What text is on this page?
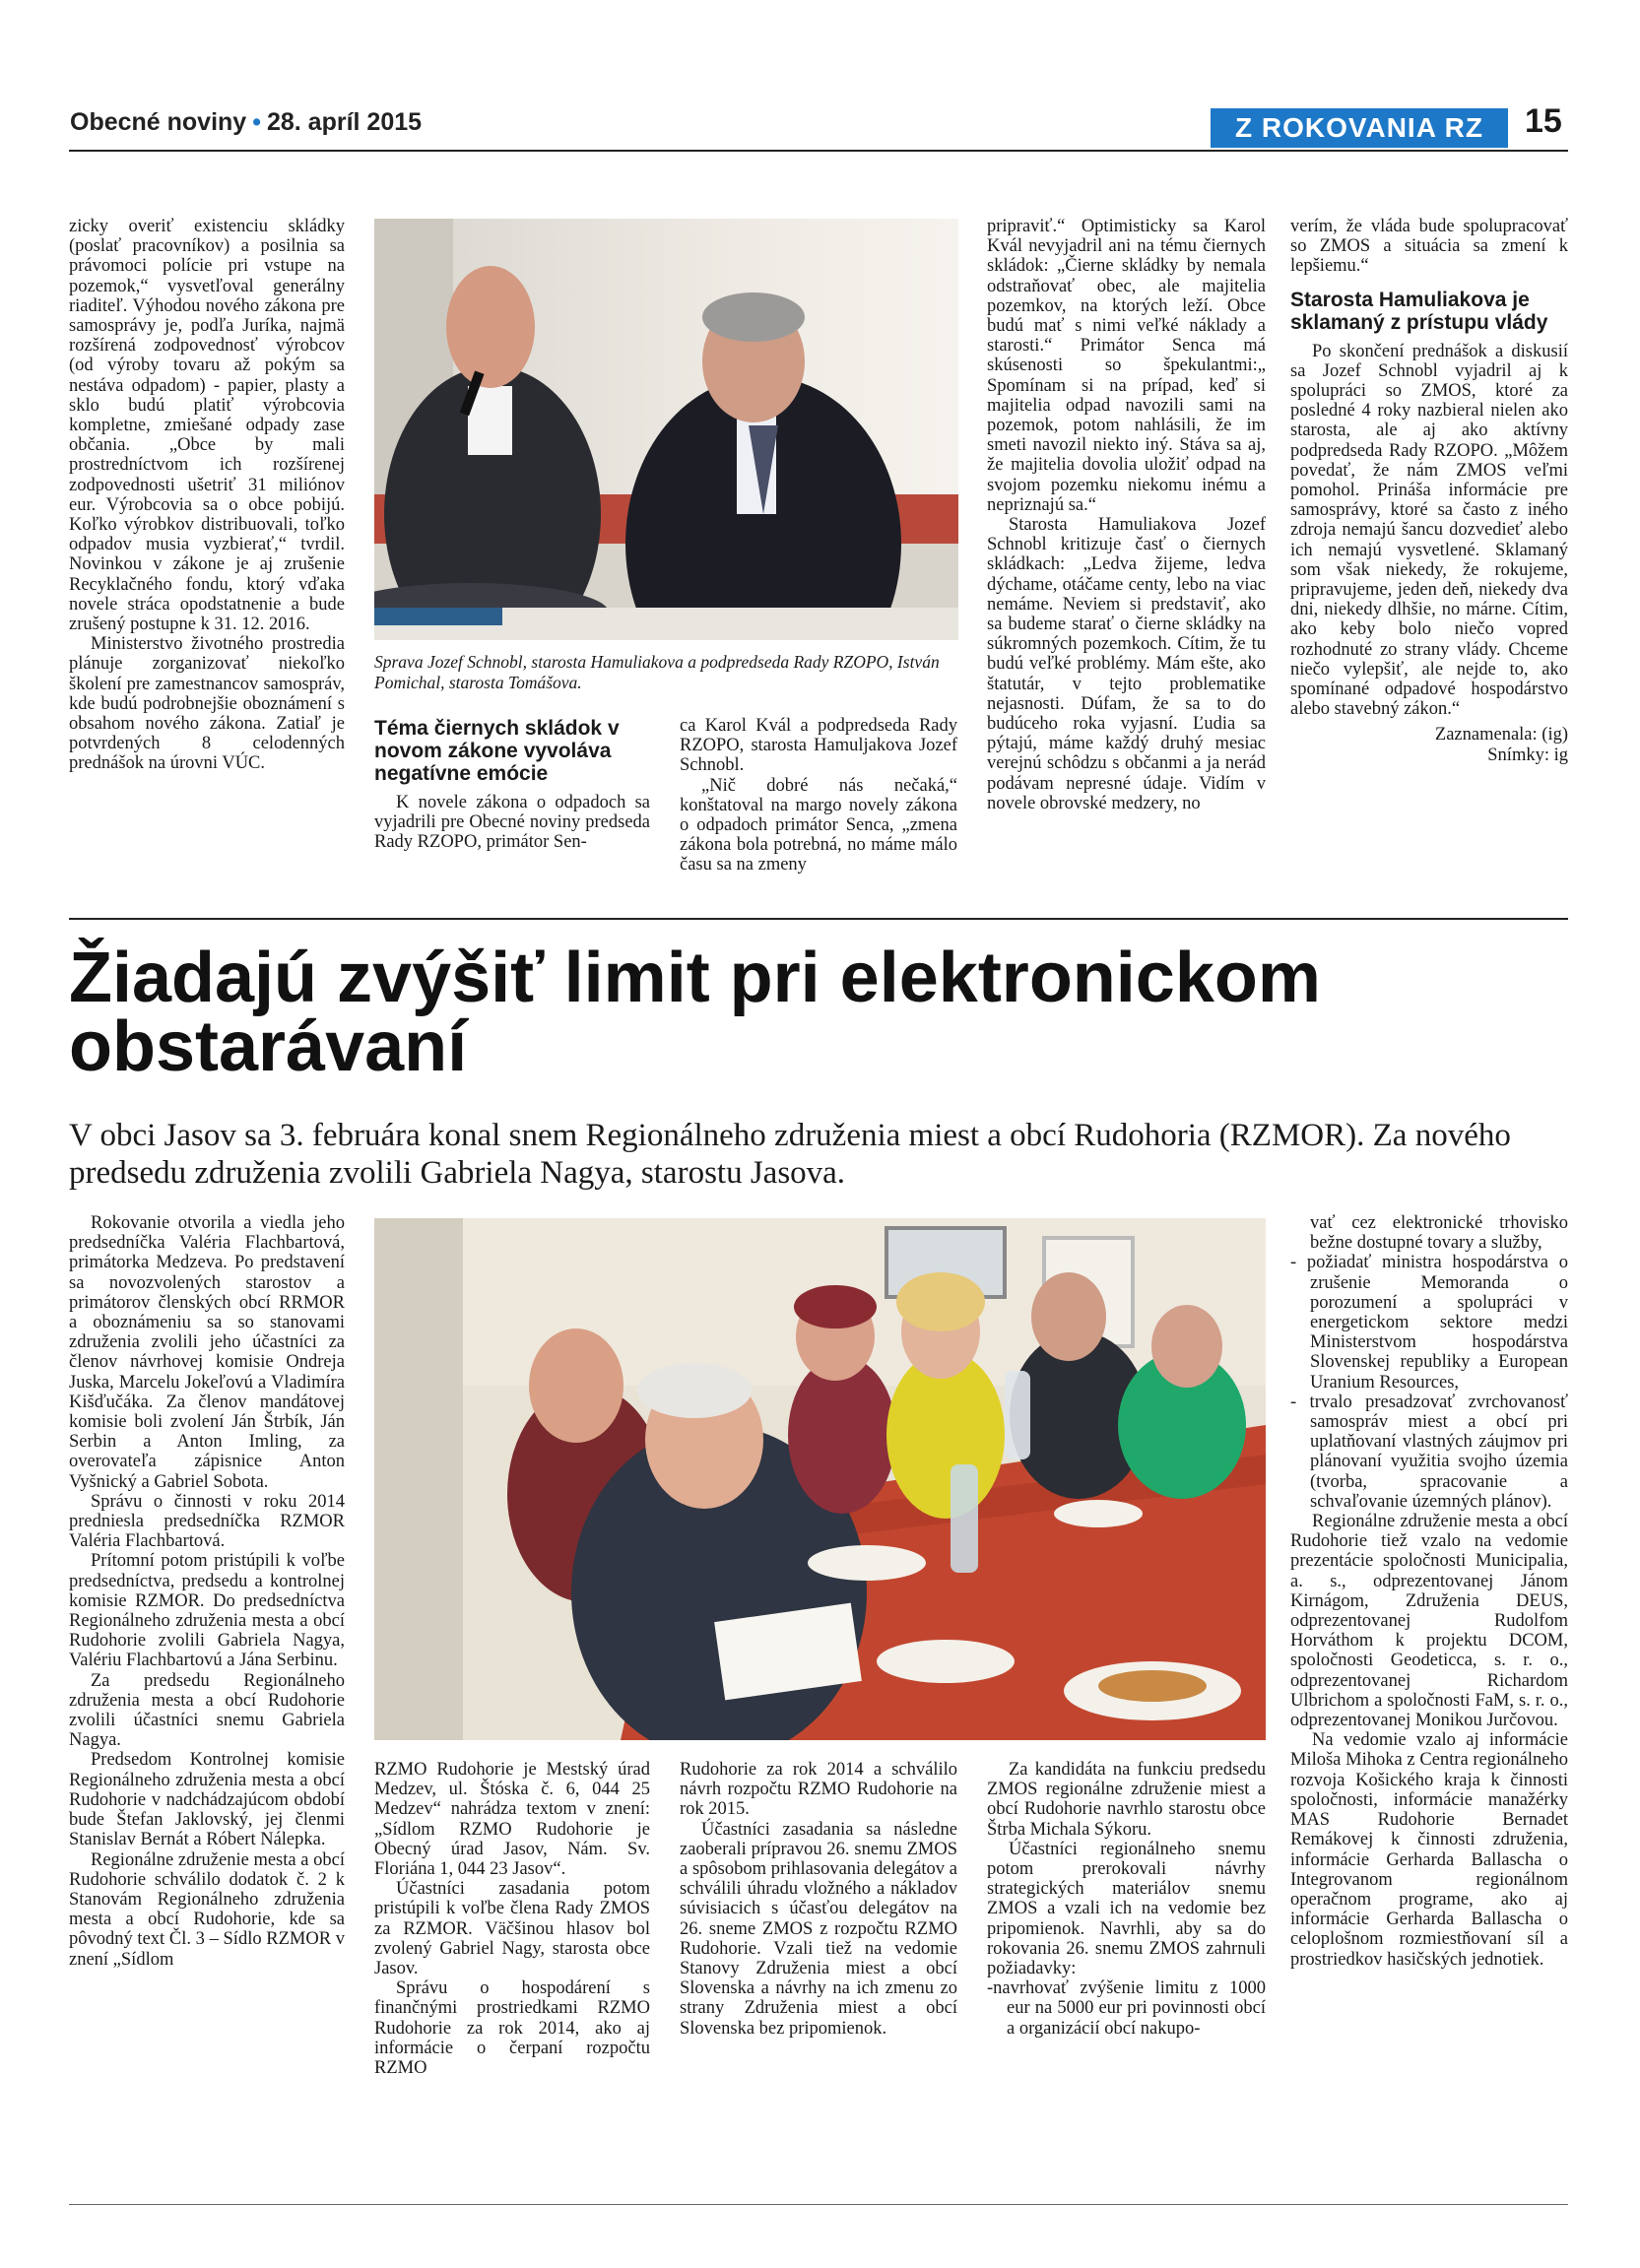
Obecné noviny • 28. apríl 2015	Z ROKOVANIA RZ	15

zicky overiť existenciu skládky (poslať pracovníkov) a posilnia sa právomoci polície pri vstupe na pozemok,“ vysvetľoval generálny riaditeľ. Výhodou nového zákona pre samosprávy je, podľa Juríka, najmä rozšírená zodpovednosť výrobcov (od výroby tovaru až pokým sa nestáva odpadom) - papier, plasty a sklo budú platiť výrobcovia kompletne, zmiešané odpady zase občania. „Obce by mali prostredníctvom ich rozšírenej zodpovednosti ušetriť 31 miliónov eur. Výrobcovia sa o obce pobijú. Koľko výrobkov distribuovali, toľko odpadov musia vyzbierať,“ tvrdil. Novinkou v zákone je aj zrušenie Recyklačného fondu, ktorý vďaka novele stráca opodstatnenie a bude zrušený postupne k 31. 12. 2016.

Ministerstvo životného prostredia plánuje zorganizovať niekoľko školení pre zamestnancov samospráv, kde budú podrobnejšie oboznámení s obsahom nového zákona. Zatiaľ je potvrdených 8 celodenných prednášok na úrovni VÚC.

Sprava Jozef Schnobl, starosta Hamuliakova a podpredseda Rady RZOPO, István Pomichal, starosta Tomášova.
Téma čiernych skládok v novom zákone vyvoláva negatívne emócie

K novele zákona o odpadoch sa vyjadrili pre Obecné noviny predseda Rady RZOPO, primátor Sen-

ca Karol Kvál a podpredseda Rady RZOPO, starosta Hamuljakova Jozef Schnobl.

„Nič dobré nás nečaká,“ konštatoval na margo novely zákona o odpadoch primátor Senca, „zmena zákona bola potrebná, no máme málo času sa na zmeny

pripraviť.“ Optimisticky sa Karol Kvál nevyjadril ani na tému čiernych skládok: „Čierne skládky by nemala odstraňovať obec, ale majitelia pozemkov, na ktorých leží. Obce budú mať s nimi veľké náklady a starosti.“ Primátor Senca má skúsenosti so špekulantmi:„ Spomínam si na prípad, keď si majitelia odpad navozili sami na pozemok, potom nahlásili, že im smeti navozil niekto iný. Stáva sa aj, že majitelia dovolia uložiť odpad na svojom pozemku niekomu inému a nepriznajú sa.“

Starosta Hamuliakova Jozef Schnobl kritizuje časť o čiernych skládkach: „Ledva žijeme, ledva dýchame, otáčame centy, lebo na viac nemáme. Neviem si predstaviť, ako sa budeme starať o čierne skládky na súkromných pozemkoch. Cítim, že tu budú veľké problémy. Mám ešte, ako štatutár, v tejto problematike nejasnosti. Dúfam, že sa to do budúceho roka vyjasní. Ľudia sa pýtajú, máme každý druhý mesiac verejnú schôdzu s občanmi a ja nerád podávam nepresné údaje. Vidím v novele obrovské medzery, no

verím, že vláda bude spolupracovať so ZMOS a situácia sa zmení k lepšiemu.“

Starosta Hamuliakova je sklamaný z prístupu vlády

Po skončení prednášok a diskusií sa Jozef Schnobl vyjadril aj k spolupráci so ZMOS, ktoré za posledné 4 roky nazbieral nielen ako starosta, ale aj ako aktívny podpredseda Rady RZOPO. „Môžem povedať, že nám ZMOS veľmi pomohol. Prináša informácie pre samosprávy, ktoré sa často z iného zdroja nemajú šancu dozvedieť alebo ich nemajú vysvetlené. Sklamaný som však niekedy, že rokujeme, pripravujeme, jeden deň, niekedy dva dni, niekedy dlhšie, no márne. Cítim, ako keby bolo niečo vopred rozhodnuté zo strany vlády. Chceme niečo vylepšiť, ale nejde to, ako spomínané odpadové hospodárstvo alebo stavebný zákon.“

Zaznamenala: (ig)
Snímky: ig
Žiadajú zvýšiť limit pri elektronickom obstarávaní
V obci Jasov sa 3. februára konal snem Regionálneho združenia miest a obcí Rudohoria (RZMOR). Za nového predsedu združenia zvolili Gabriela Nagya, starostu Jasova.

Rokovanie otvorila a viedla jeho predsedníčka Valéria Flachbartová, primátorka Medzeva. Po predstavení sa novozvolených starostov a primátorov členských obcí RRMOR a oboznámeniu sa so stanovami združenia zvolili jeho účastníci za členov návrhovej komisie Ondreja Juska, Marcelu Jokeľovú a Vladimíra Kišďučáka. Za členov mandátovej komisie boli zvolení Ján Štrbík, Ján Serbin a Anton Imling, za overovateľa zápisnice Anton Vyšnický a Gabriel Sobota.

Správu o činnosti v roku 2014 predniesla predsedníčka RZMOR Valéria Flachbartová.

Prítomní potom pristúpili k voľbe predsedníctva, predsedu a kontrolnej komisie RZMOR. Do predsedníctva Regionálneho združenia mesta a obcí Rudohorie zvolili Gabriela Nagya, Valériu Flachbartovú a Jána Serbinu.

Za predsedu Regionálneho združenia mesta a obcí Rudohorie zvolili účastníci snemu Gabriela Nagya.

Predsedom Kontrolnej komisie Regionálneho združenia mesta a obcí Rudohorie v nadchádzajúcom období bude Štefan Jaklovský, jej členmi Stanislav Bernát a Róbert Nálepka.

Regionálne združenie mesta a obcí Rudohorie schválilo dodatok č. 2 k Stanovám Regionálneho združenia mesta a obcí Rudohorie, kde sa pôvodný text Čl. 3 – Sídlo RZMOR v znení „Sídlom

RZMO Rudohorie je Mestský úrad Medzev, ul. Štóska č. 6, 044 25 Medzev“ nahrádza textom v znení: „Sídlom RZMO Rudohorie je Obecný úrad Jasov, Nám. Sv. Floriána 1, 044 23 Jasov“.

Účastníci zasadania potom pristúpili k voľbe člena Rady ZMOS za RZMOR. Väčšinou hlasov bol zvolený Gabriel Nagy, starosta obce Jasov.

Správu o hospodárení s finančnými prostriedkami RZMO Rudohorie za rok 2014, ako aj informácie o čerpaní rozpočtu RZMO

Rudohorie za rok 2014 a schválilo návrh rozpočtu RZMO Rudohorie na rok 2015.

Účastníci zasadania sa následne zaoberali prípravou 26. snemu ZMOS a spôsobom prihlasovania delegátov a schválili úhradu vložného a nákladov súvisiacich s účasťou delegátov na 26. sneme ZMOS z rozpočtu RZMO Rudohorie. Vzali tiež na vedomie Stanovy Združenia miest a obcí Slovenska a návrhy na ich zmenu zo strany Združenia miest a obcí Slovenska bez pripomienok.

Za kandidáta na funkciu predsedu ZMOS regionálne združenie miest a obcí Rudohorie navrhlo starostu obce Štrba Michala Sýkoru.

Účastníci regionálneho snemu potom prerokovali návrhy strategických materiálov snemu ZMOS a vzali ich na vedomie bez pripomienok. Navrhli, aby sa do rokovania 26. snemu ZMOS zahrnuli požiadavky:

-navrhovať zvýšenie limitu z 1000 eur na 5000 eur pri povinnosti obcí a organizácií obcí nakupo-

vať cez elektronické trhovisko bežne dostupné tovary a služby,

- požiadať ministra hospodárstva o zrušenie Memoranda o porozumení a spolupráci v energetickom sektore medzi Ministerstvom hospodárstva Slovenskej republiky a European Uranium Resources,
- trvalo presadzovať zvrchovanosť samospráv miest a obcí pri uplatňovaní vlastných záujmov pri plánovaní využitia svojho územia (tvorba, spracovanie a schvaľovanie územných plánov).

Regionálne združenie mesta a obcí Rudohorie tiež vzalo na vedomie prezentácie spoločnosti Municipalia, a. s., odprezentovanej Jánom Kirnágom, Združenia DEUS, odprezentovanej Rudolfom Horváthom k projektu DCOM, spoločnosti Geodeticca, s. r. o., odprezentovanej Richardom Ulbrichom a spoločnosti FaM, s. r. o., odprezentovanej Monikou Jurčovou.

Na vedomie vzalo aj informácie Miloša Mihoka z Centra regionálneho rozvoja Košického kraja k činnosti spoločnosti, informácie manažérky MAS Rudohorie Bernadet Remákovej k činnosti združenia, informácie Gerharda Ballascha o Integrovanom regionálnom operačnom programe, ako aj informácie Gerharda Ballascha o celoplošnom rozmiestňovaní síl a prostriedkov hasičských jednotiek.
